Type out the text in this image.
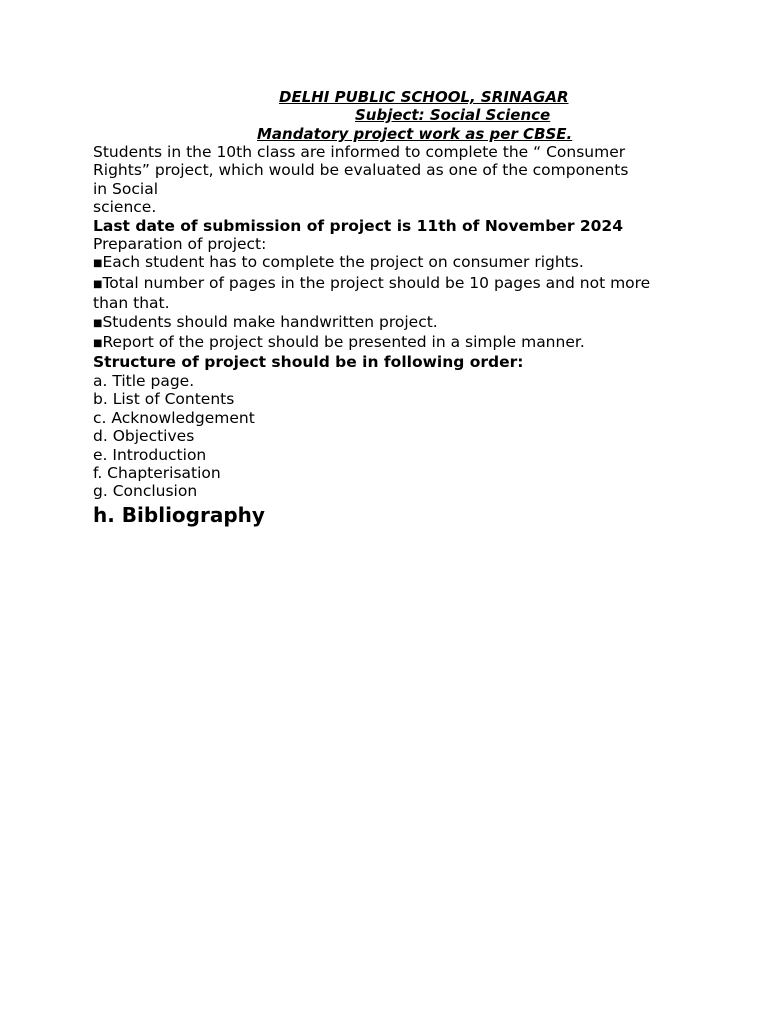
DELHI PUBLIC SCHOOL, SRINAGAR
Subject: Social Science
Mandatory project work as per CBSE.
Students in the 10th class are informed to complete the “ Consumer
Rights” project, which would be evaluated as one of the components
in Social
science.
Last date of submission of project is 11th of November 2024
Preparation of project:
■Each student has to complete the project on consumer rights.
■Total number of pages in the project should be 10 pages and not more than that.
■Students should make handwritten project.
■Report of the project should be presented in a simple manner.
Structure of project should be in following order:
a. Title page.
b. List of Contents
c. Acknowledgement
d. Objectives
e. Introduction
f. Chapterisation
g. Conclusion
h. Bibliography
